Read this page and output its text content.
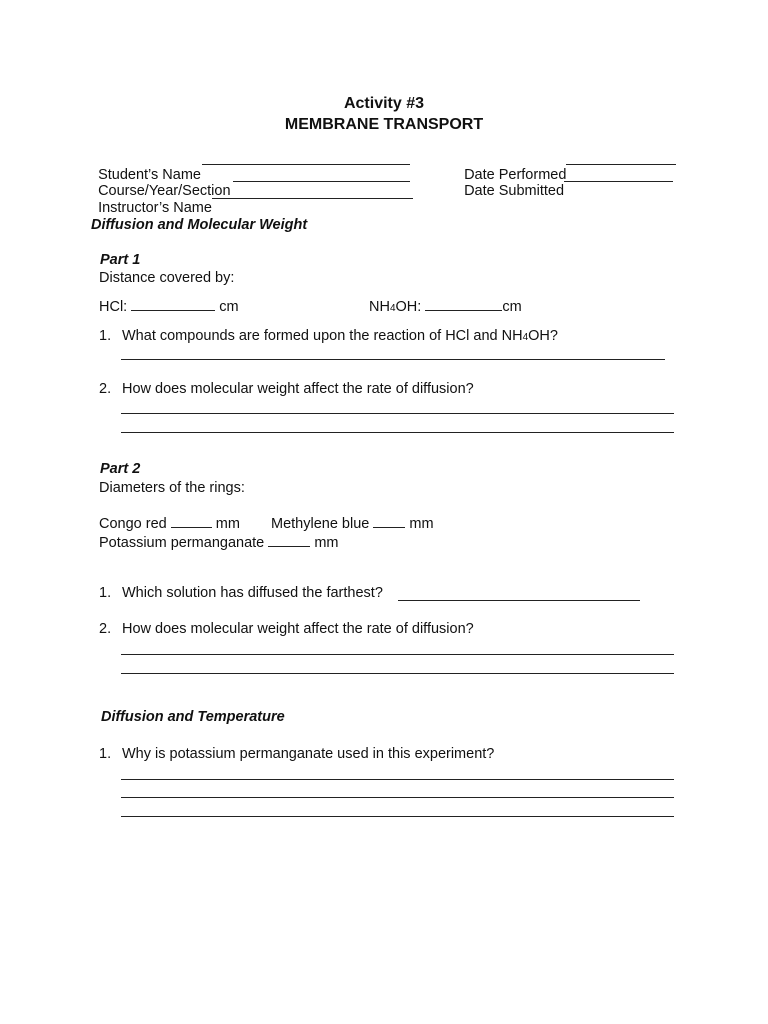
Activity #3
MEMBRANE TRANSPORT

Student’s Name

Course/Year/Section

Instructor’s Name

Date Performed

Date Submitted

Diffusion and Molecular Weight
Part 1
Distance covered by:
HCl:	cm	NH4OH:	cm
1. What compounds are formed upon the reaction of HCl and NH4OH?
2. How does molecular weight affect the rate of diffusion?
Part 2
Diameters of the rings:
Congo red	mm Methylene blue	mm
Potassium permanganate	mm
1. Which solution has diffused the farthest?
2. How does molecular weight affect the rate of diffusion?
Diffusion and Temperature
1. Why is potassium permanganate used in this experiment?
